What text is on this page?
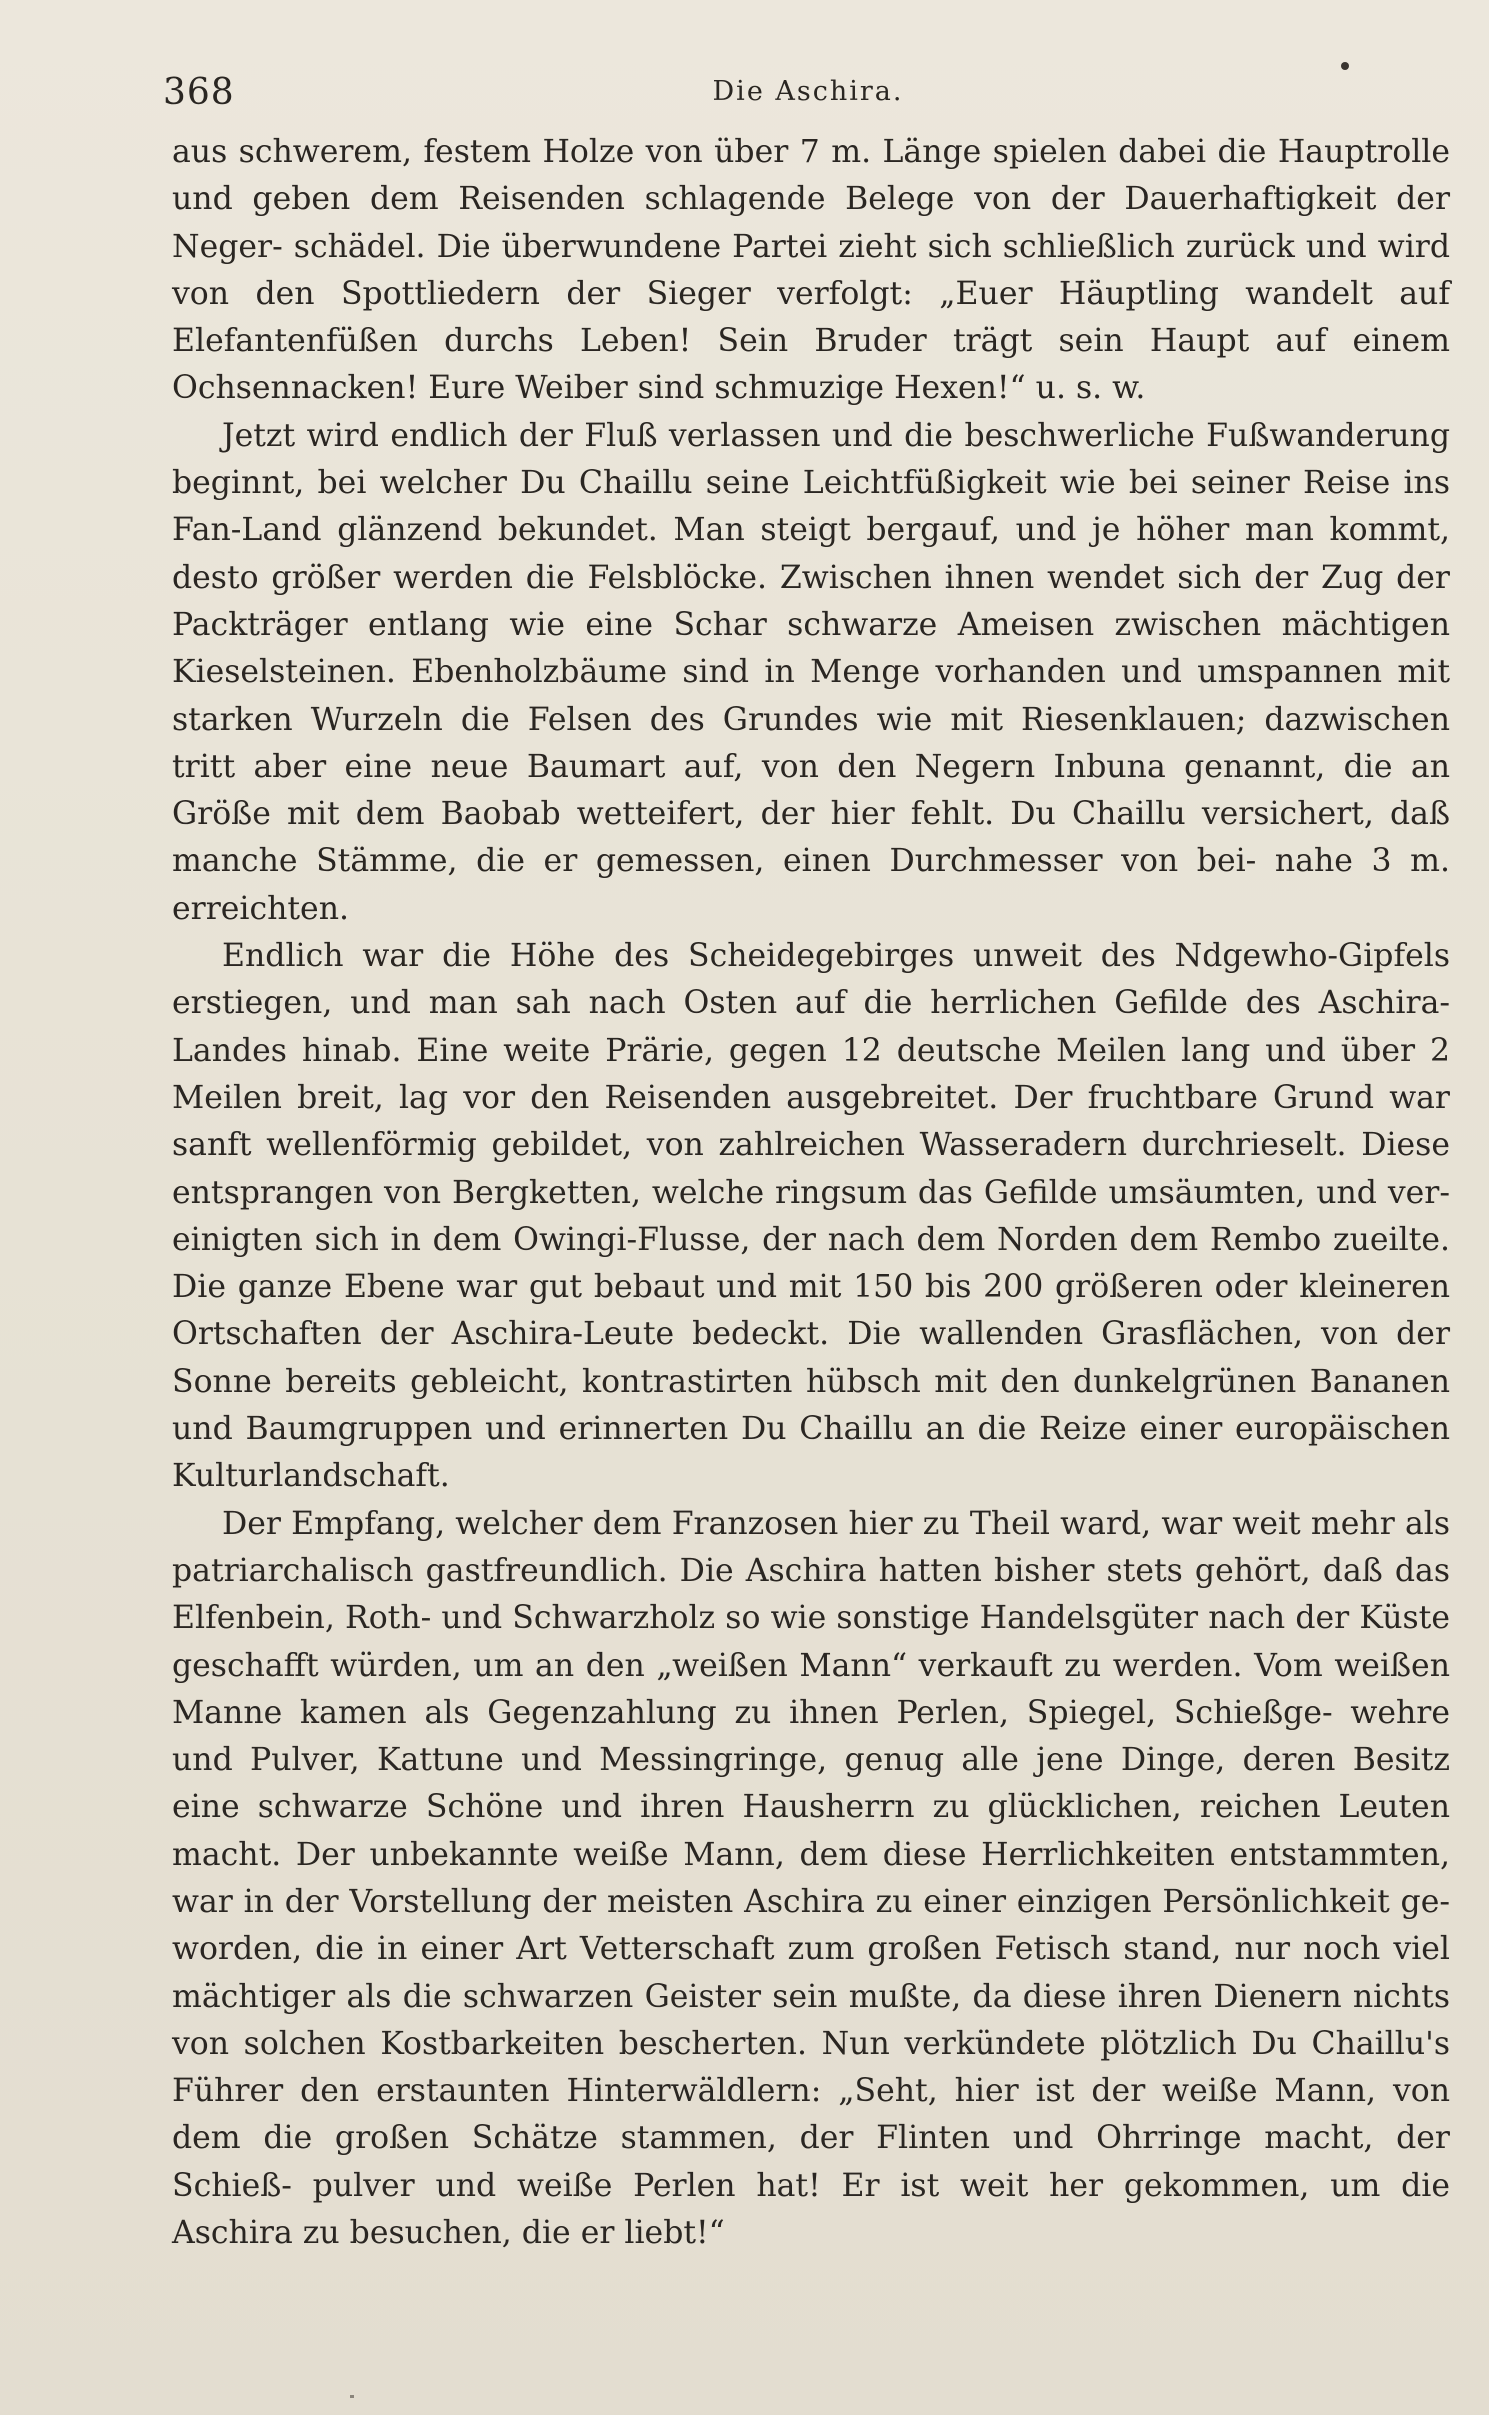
368	Die Aschira.

aus schwerem, festem Holze von über 7 m. Länge spielen dabei die Hauptrolle und geben dem Reisenden schlagende Belege von der Dauerhaftigkeit der Neger- schädel. Die überwundene Partei zieht sich schließlich zurück und wird von den Spottliedern der Sieger verfolgt: „Euer Häuptling wandelt auf Elefantenfüßen durchs Leben! Sein Bruder trägt sein Haupt auf einem Ochsennacken! Eure Weiber sind schmuzige Hexen!“ u. s. w.

Jetzt wird endlich der Fluß verlassen und die beschwerliche Fußwanderung beginnt, bei welcher Du Chaillu seine Leichtfüßigkeit wie bei seiner Reise ins Fan-Land glänzend bekundet. Man steigt bergauf, und je höher man kommt, desto größer werden die Felsblöcke. Zwischen ihnen wendet sich der Zug der Packträger entlang wie eine Schar schwarze Ameisen zwischen mächtigen Kieselsteinen. Ebenholzbäume sind in Menge vorhanden und umspannen mit starken Wurzeln die Felsen des Grundes wie mit Riesenklauen; dazwischen tritt aber eine neue Baumart auf, von den Negern Inbuna genannt, die an Größe mit dem Baobab wetteifert, der hier fehlt. Du Chaillu versichert, daß manche Stämme, die er gemessen, einen Durchmesser von bei- nahe 3 m. erreichten.

Endlich war die Höhe des Scheidegebirges unweit des Ndgewho-Gipfels erstiegen, und man sah nach Osten auf die herrlichen Gefilde des Aschira- Landes hinab. Eine weite Prärie, gegen 12 deutsche Meilen lang und über 2 Meilen breit, lag vor den Reisenden ausgebreitet. Der fruchtbare Grund war sanft wellenförmig gebildet, von zahlreichen Wasseradern durchrieselt. Diese entsprangen von Bergketten, welche ringsum das Gefilde umsäumten, und ver- einigten sich in dem Owingi-Flusse, der nach dem Norden dem Rembo zueilte. Die ganze Ebene war gut bebaut und mit 150 bis 200 größeren oder kleineren Ortschaften der Aschira-Leute bedeckt. Die wallenden Grasflächen, von der Sonne bereits gebleicht, kontrastirten hübsch mit den dunkelgrünen Bananen und Baumgruppen und erinnerten Du Chaillu an die Reize einer europäischen Kulturlandschaft.

Der Empfang, welcher dem Franzosen hier zu Theil ward, war weit mehr als patriarchalisch gastfreundlich. Die Aschira hatten bisher stets gehört, daß das Elfenbein, Roth- und Schwarzholz so wie sonstige Handelsgüter nach der Küste geschafft würden, um an den „weißen Mann“ verkauft zu werden. Vom weißen Manne kamen als Gegenzahlung zu ihnen Perlen, Spiegel, Schießge- wehre und Pulver, Kattune und Messingringe, genug alle jene Dinge, deren Besitz eine schwarze Schöne und ihren Hausherrn zu glücklichen, reichen Leuten macht. Der unbekannte weiße Mann, dem diese Herrlichkeiten entstammten, war in der Vorstellung der meisten Aschira zu einer einzigen Persönlichkeit ge- worden, die in einer Art Vetterschaft zum großen Fetisch stand, nur noch viel mächtiger als die schwarzen Geister sein mußte, da diese ihren Dienern nichts von solchen Kostbarkeiten bescherten. Nun verkündete plötzlich Du Chaillu's Führer den erstaunten Hinterwäldlern: „Seht, hier ist der weiße Mann, von dem die großen Schätze stammen, der Flinten und Ohrringe macht, der Schieß- pulver und weiße Perlen hat! Er ist weit her gekommen, um die Aschira zu besuchen, die er liebt!“
